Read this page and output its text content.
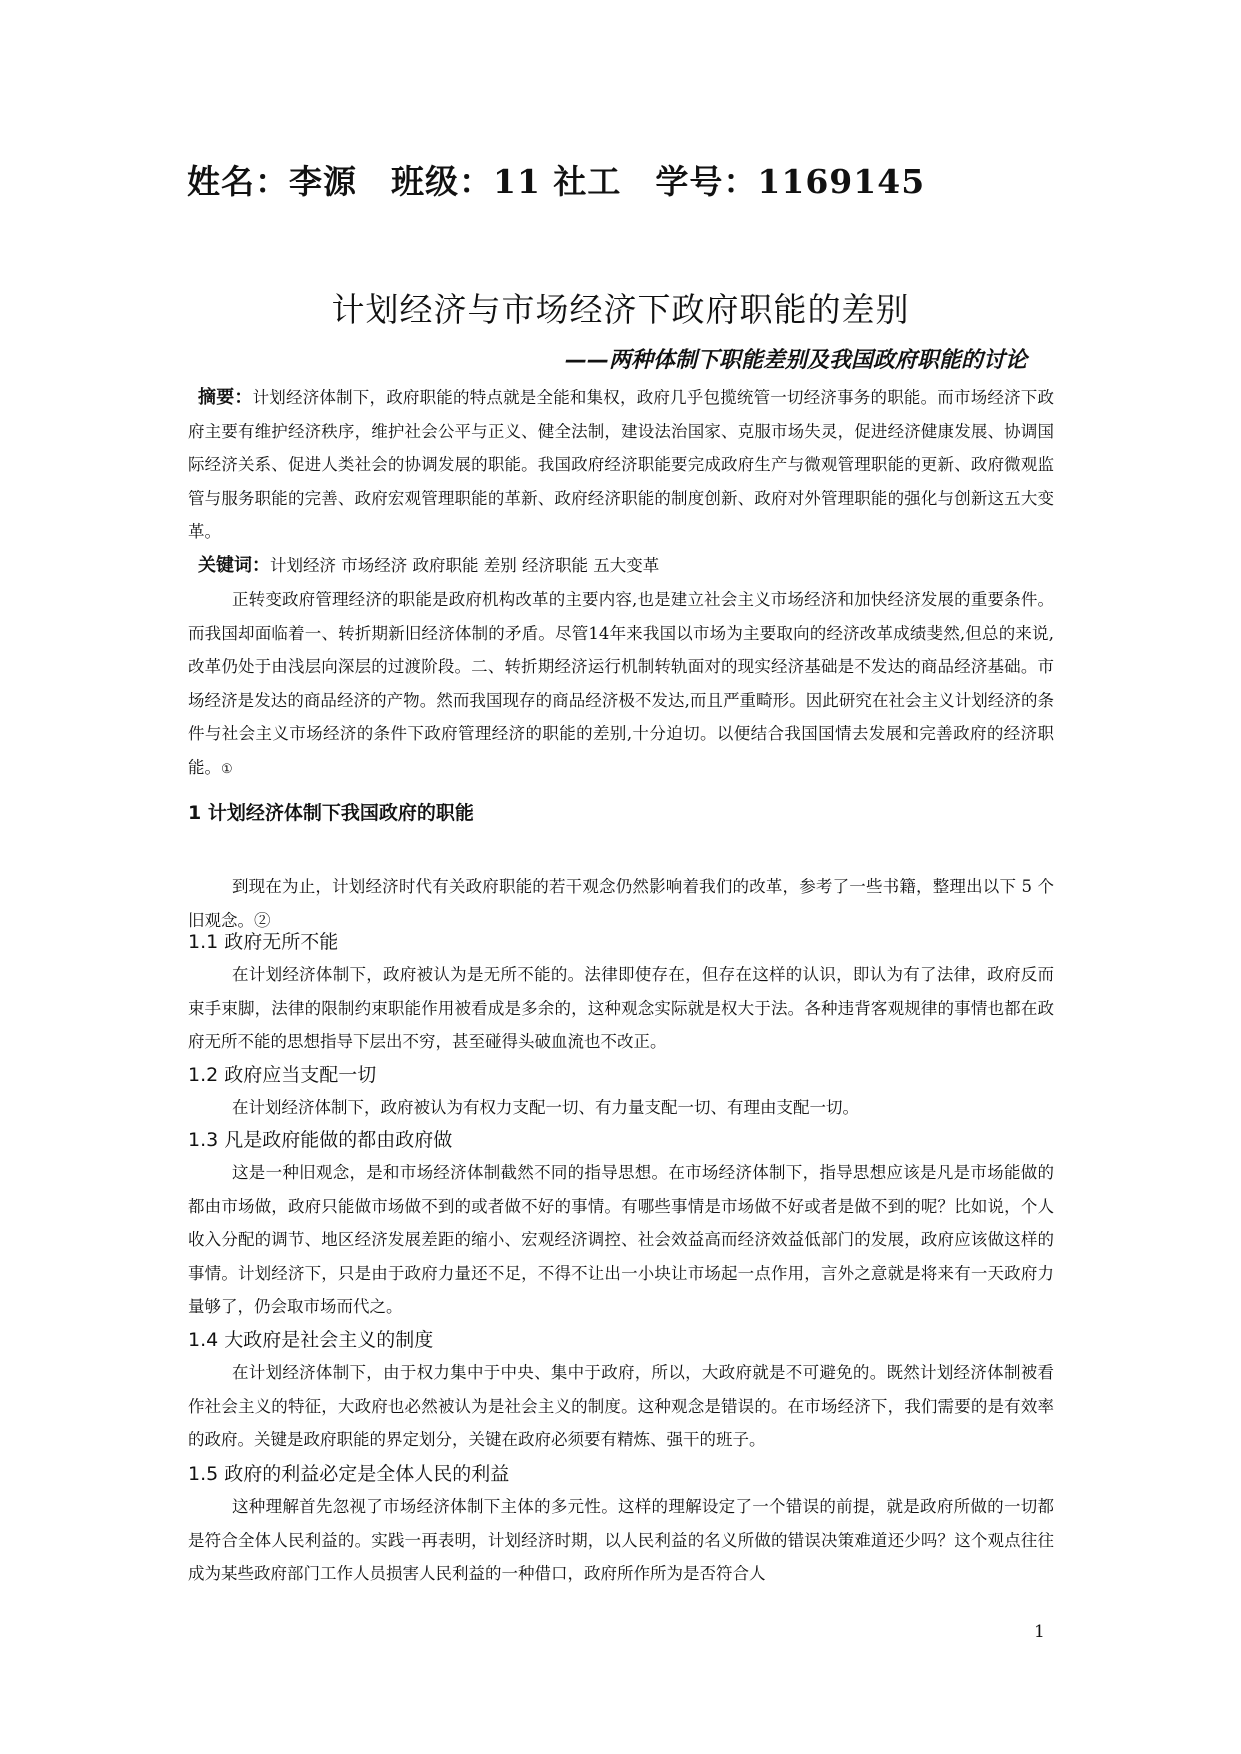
姓名：李源 班级：11 社工 学号：1169145
计划经济与市场经济下政府职能的差别
——两种体制下职能差别及我国政府职能的讨论
摘要：计划经济体制下，政府职能的特点就是全能和集权，政府几乎包揽统管一切经济事务的职能。而市场经济下政府主要有维护经济秩序，维护社会公平与正义、健全法制，建设法治国家、克服市场失灵，促进经济健康发展、协调国际经济关系、促进人类社会的协调发展的职能。我国政府经济职能要完成政府生产与微观管理职能的更新、政府微观监管与服务职能的完善、政府宏观管理职能的革新、政府经济职能的制度创新、政府对外管理职能的强化与创新这五大变革。
关键词：计划经济 市场经济 政府职能 差别 经济职能 五大变革
正转变政府管理经济的职能是政府机构改革的主要内容,也是建立社会主义市场经济和加快经济发展的重要条件。而我国却面临着一、转折期新旧经济体制的矛盾。尽管14年来我国以市场为主要取向的经济改革成绩斐然,但总的来说,改革仍处于由浅层向深层的过渡阶段。二、转折期经济运行机制转轨面对的现实经济基础是不发达的商品经济基础。市场经济是发达的商品经济的产物。然而我国现存的商品经济极不发达,而且严重畸形。因此研究在社会主义计划经济的条件与社会主义市场经济的条件下政府管理经济的职能的差别,十分迫切。以便结合我国国情去发展和完善政府的经济职能。①
1 计划经济体制下我国政府的职能
到现在为止，计划经济时代有关政府职能的若干观念仍然影响着我们的改革，参考了一些书籍，整理出以下 5 个旧观念。②
1.1 政府无所不能
在计划经济体制下，政府被认为是无所不能的。法律即使存在，但存在这样的认识，即认为有了法律，政府反而束手束脚，法律的限制约束职能作用被看成是多余的，这种观念实际就是权大于法。各种违背客观规律的事情也都在政府无所不能的思想指导下层出不穷，甚至碰得头破血流也不改正。
1.2 政府应当支配一切
在计划经济体制下，政府被认为有权力支配一切、有力量支配一切、有理由支配一切。
1.3 凡是政府能做的都由政府做
这是一种旧观念，是和市场经济体制截然不同的指导思想。在市场经济体制下，指导思想应该是凡是市场能做的都由市场做，政府只能做市场做不到的或者做不好的事情。有哪些事情是市场做不好或者是做不到的呢？比如说，个人收入分配的调节、地区经济发展差距的缩小、宏观经济调控、社会效益高而经济效益低部门的发展，政府应该做这样的事情。计划经济下，只是由于政府力量还不足，不得不让出一小块让市场起一点作用，言外之意就是将来有一天政府力量够了，仍会取市场而代之。
1.4 大政府是社会主义的制度
在计划经济体制下，由于权力集中于中央、集中于政府，所以，大政府就是不可避免的。既然计划经济体制被看作社会主义的特征，大政府也必然被认为是社会主义的制度。这种观念是错误的。在市场经济下，我们需要的是有效率的政府。关键是政府职能的界定划分，关键在政府必须要有精炼、强干的班子。
1.5 政府的利益必定是全体人民的利益
这种理解首先忽视了市场经济体制下主体的多元性。这样的理解设定了一个错误的前提，就是政府所做的一切都是符合全体人民利益的。实践一再表明，计划经济时期，以人民利益的名义所做的错误决策难道还少吗？这个观点往往成为某些政府部门工作人员损害人民利益的一种借口，政府所作所为是否符合人
1
